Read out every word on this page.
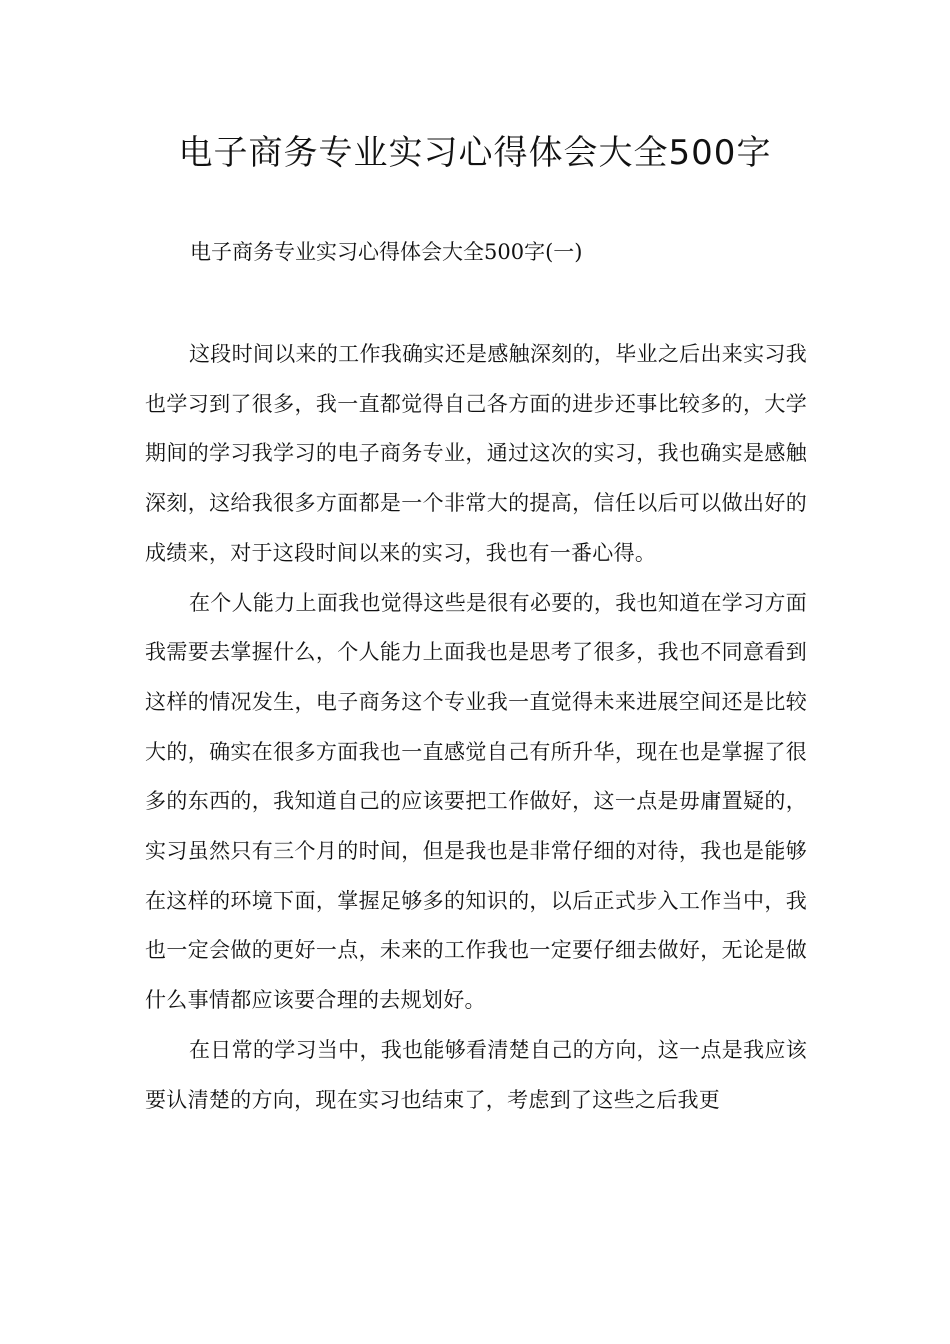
电子商务专业实习心得体会大全500字
电子商务专业实习心得体会大全500字(一)

这段时间以来的工作我确实还是感触深刻的，毕业之后出来实习我也学习到了很多，我一直都觉得自己各方面的进步还事比较多的，大学期间的学习我学习的电子商务专业，通过这次的实习，我也确实是感触深刻，这给我很多方面都是一个非常大的提高，信任以后可以做出好的成绩来，对于这段时间以来的实习，我也有一番心得。

在个人能力上面我也觉得这些是很有必要的，我也知道在学习方面我需要去掌握什么，个人能力上面我也是思考了很多，我也不同意看到这样的情况发生，电子商务这个专业我一直觉得未来进展空间还是比较大的，确实在很多方面我也一直感觉自己有所升华，现在也是掌握了很多的东西的，我知道自己的应该要把工作做好，这一点是毋庸置疑的，实习虽然只有三个月的时间，但是我也是非常仔细的对待，我也是能够在这样的环境下面，掌握足够多的知识的，以后正式步入工作当中，我也一定会做的更好一点，未来的工作我也一定要仔细去做好，无论是做什么事情都应该要合理的去规划好。

在日常的学习当中，我也能够看清楚自己的方向，这一点是我应该要认清楚的方向，现在实习也结束了，考虑到了这些之后我更
